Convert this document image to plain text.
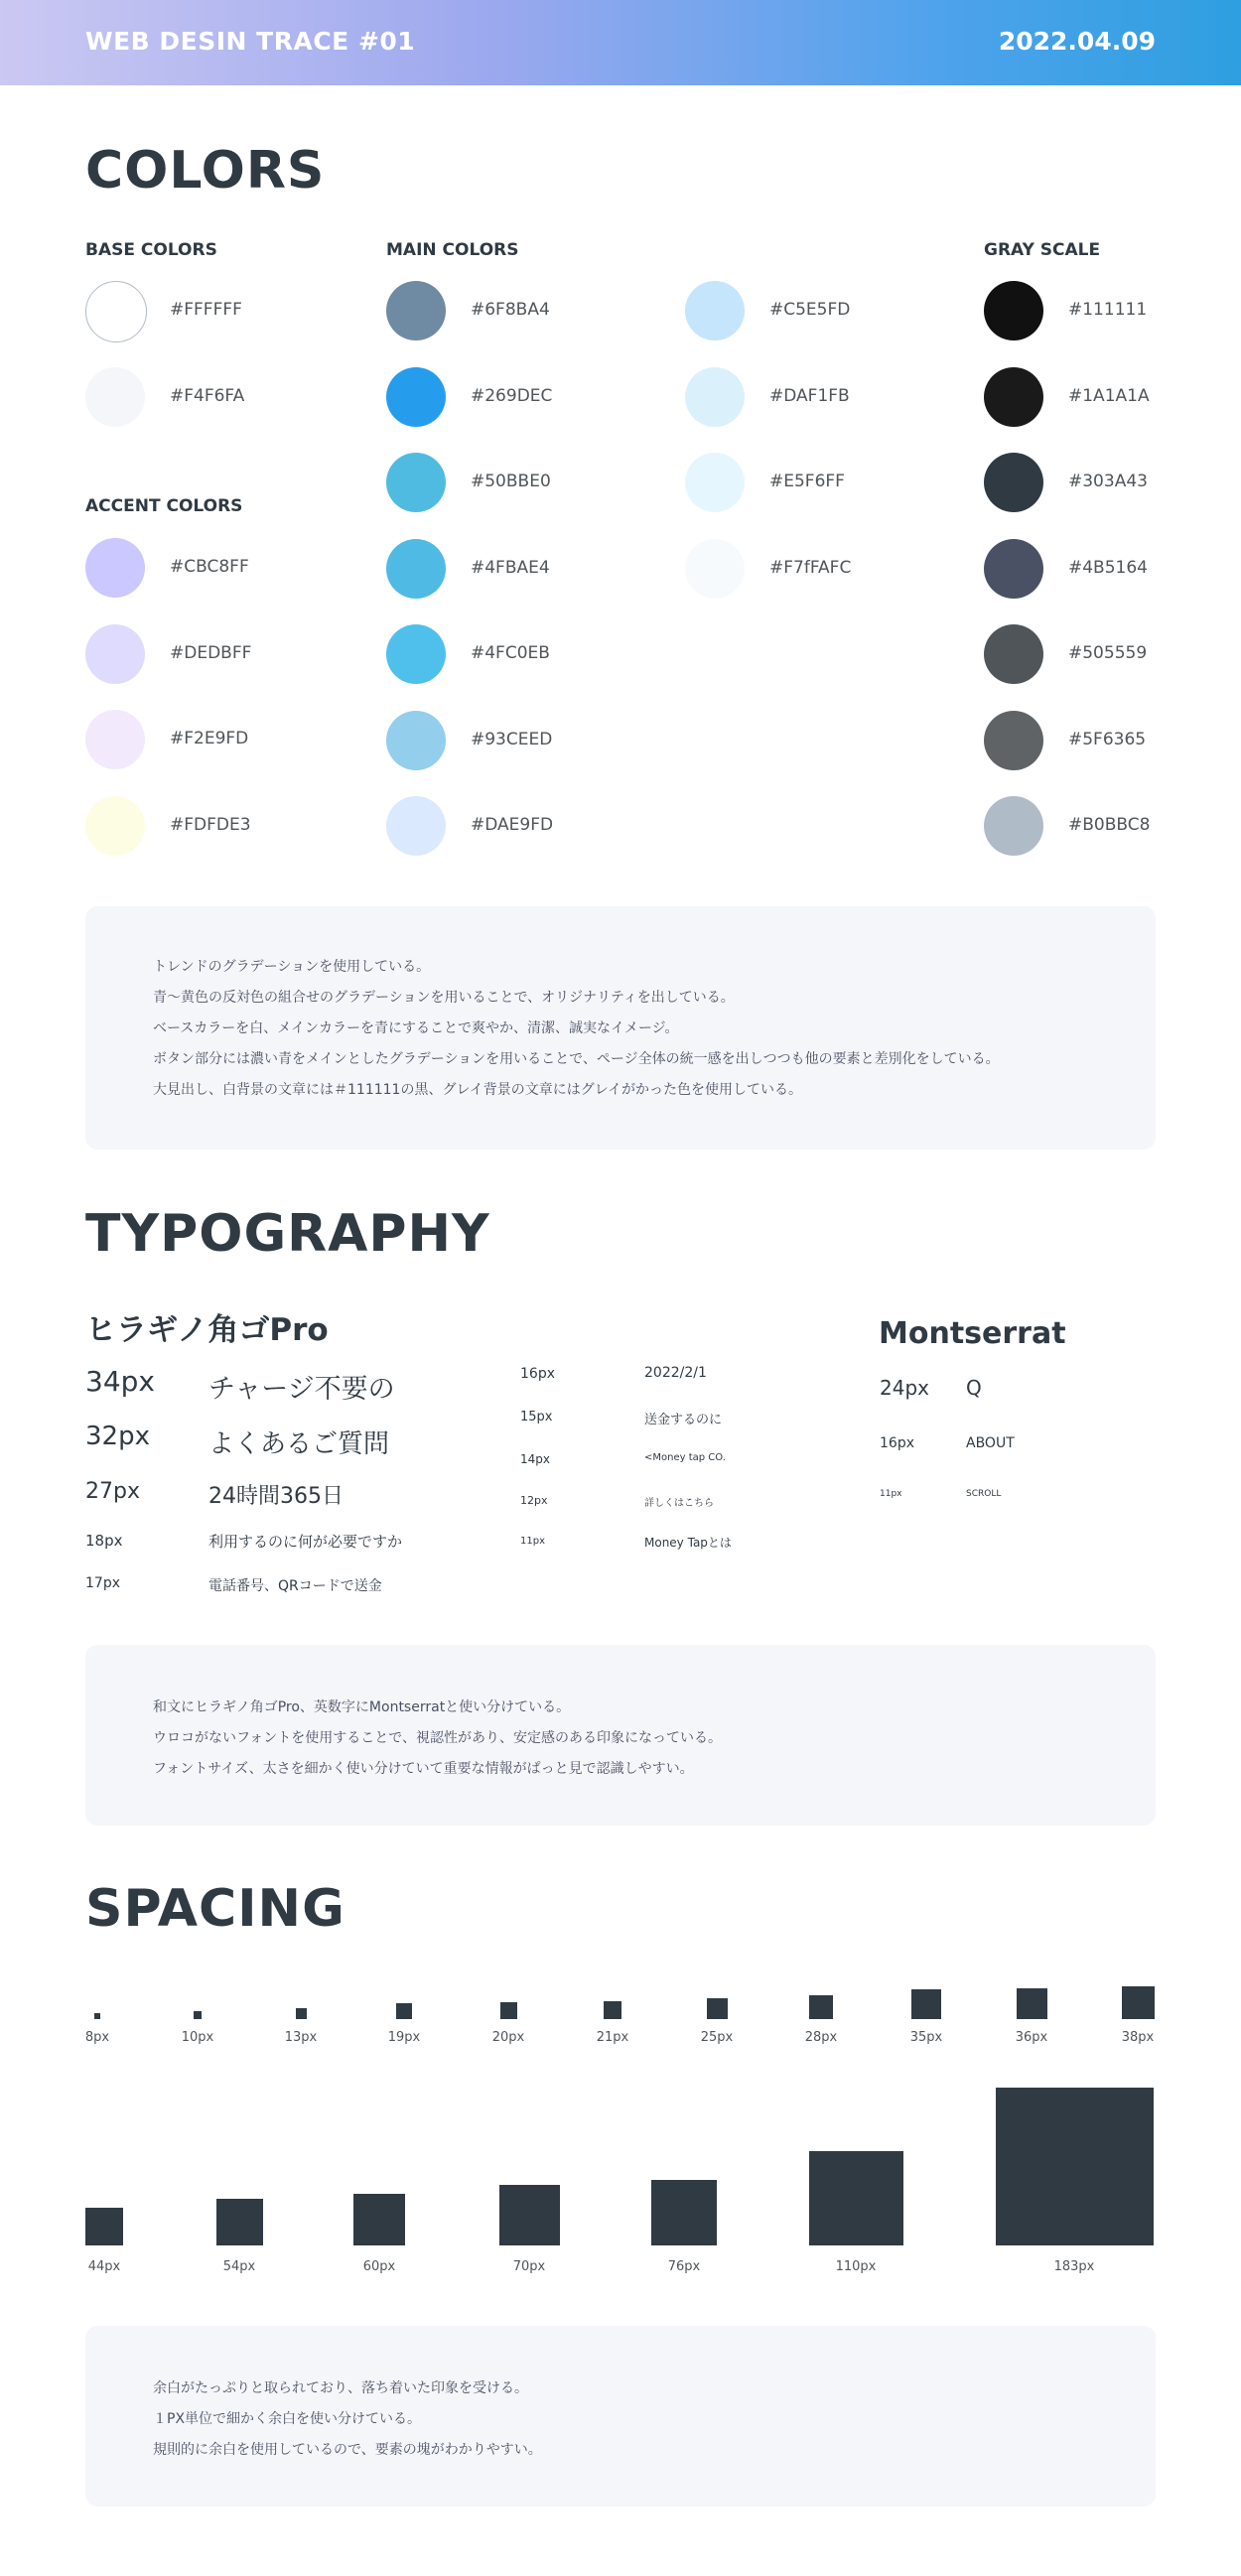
WEB DESIN TRACE #01	2022.04.09
COLORS
BASE COLORS	MAIN COLORS	GRAY SCALE
ACCENT COLORS
#FFFFFF
#F4F6FA
#CBC8FF
#DEDBFF
#F2E9FD
#FDFDE3
#6F8BA4
#269DEC
#50BBE0
#4FBAE4
#4FC0EB
#93CEED
#DAE9FD
#C5E5FD
#DAF1FB
#E5F6FF
#F7fFAFC
#111111
#1A1A1A
#303A43
#4B5164
#505559
#5F6365
#B0BBC8
トレンドのグラデーションを使用している。
青〜黄色の反対色の組合せのグラデーションを用いることで、オリジナリティを出している。
ベースカラーを白、メインカラーを青にすることで爽やか、清潔、誠実なイメージ。
ボタン部分には濃い青をメインとしたグラデーションを用いることで、ページ全体の統一感を出しつつも他の要素と差別化をしている。
大見出し、白背景の文章には＃111111の黒、グレイ背景の文章にはグレイがかった色を使用している。
TYPOGRAPHY
ヒラギノ角ゴPro
34px チャージ不要の
32px よくあるご質問
27px	24時間365日
18px	利用するのに何が必要ですか
17px	電話番号、QRコードで送金
16px	2022/2/1
15px	送金するのに
14px	<Money tap CO.
12px	詳しくはこちら
11px	Money Tapとは
Montserrat
24px Q
16px	ABOUT
11px	SCROLL
和文にヒラギノ角ゴPro、英数字にMontserratと使い分けている。
ウロコがないフォントを使用することで、視認性があり、安定感のある印象になっている。
フォントサイズ、太さを細かく使い分けていて重要な情報がぱっと見で認識しやすい。
SPACING
8px	10px	13px	19px	20px	21px	25px	28px	35px	36px	38px
44px	54px	60px	70px	76px	110px	183px
余白がたっぷりと取られており、落ち着いた印象を受ける。
１PX単位で細かく余白を使い分けている。
規則的に余白を使用しているので、要素の塊がわかりやすい。
